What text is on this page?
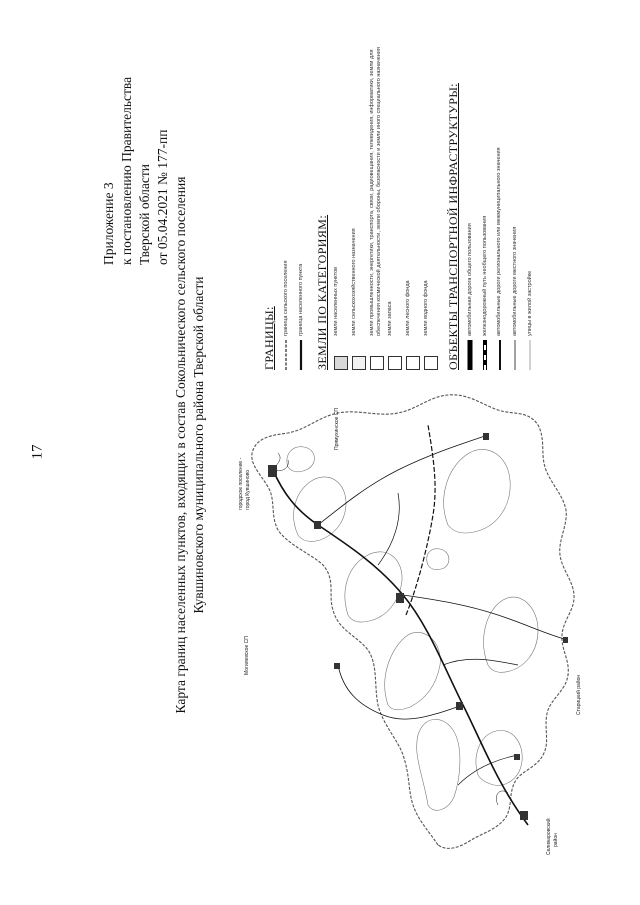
17
Приложение 3 к постановлению Правительства Тверской области от 05.04.2021 № 177-пп Карта границ населенных пунктов, входящих в состав Сокольнического сельского поселения Кувшиновского муниципального района Тверской области
Могилевское СП
городское поселение - город Кувшиново
Прямухинское СП
Селижаровский район
Старицкий район
ГРАНИЦЫ:
граница сельского поселения граница населенного пункта ЗЕМЛИ ПО КАТЕГОРИЯМ: земли населенных пунктов земли сельскохозяйственного назначения земли промышленности, энергетики, транспорта, связи, радиовещания, телевидения, информатики, земли для обеспечения космической деятельности, земли обороны, безопасности и земли иного специального назначения земли запаса земли лесного фонда земли водного фонда ОБЪЕКТЫ ТРАНСПОРТНОЙ ИНФРАСТРУКТУРЫ: автомобильная дорога общего пользования железнодорожный путь необщего пользования автомобильные дороги регионального или межмуниципального значения автомобильные дороги местного значения улицы в жилой застройке
